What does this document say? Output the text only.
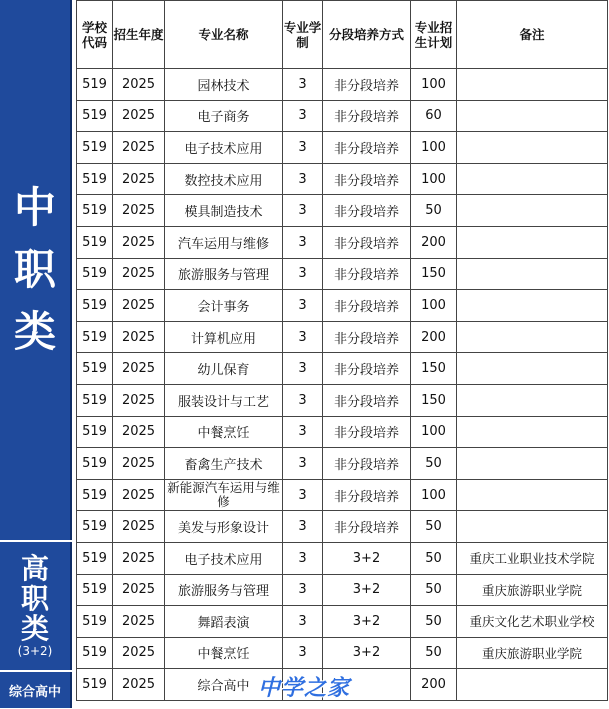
中
职
类
高
职
类
(3+2)
综合高中
学校代码	招生年度	专业名称	专业学制	分段培养方式	专业招生计划	备注
519	2025	园林技术	3	非分段培养	100	
519	2025	电子商务	3	非分段培养	60	
519	2025	电子技术应用	3	非分段培养	100	
519	2025	数控技术应用	3	非分段培养	100	
519	2025	模具制造技术	3	非分段培养	50	
519	2025	汽车运用与维修	3	非分段培养	200	
519	2025	旅游服务与管理	3	非分段培养	150	
519	2025	会计事务	3	非分段培养	100	
519	2025	计算机应用	3	非分段培养	200	
519	2025	幼儿保育	3	非分段培养	150	
519	2025	服装设计与工艺	3	非分段培养	150	
519	2025	中餐烹饪	3	非分段培养	100	
519	2025	畜禽生产技术	3	非分段培养	50	
519	2025	新能源汽车运用与维修	3	非分段培养	100	
519	2025	美发与形象设计	3	非分段培养	50	
519	2025	电子技术应用	3	3+2	50	重庆工业职业技术学院
519	2025	旅游服务与管理	3	3+2	50	重庆旅游职业学院
519	2025	舞蹈表演	3	3+2	50	重庆文化艺术职业学校
519	2025	中餐烹饪	3	3+2	50	重庆旅游职业学院
519	2025	综合高中			200	
中学之家
